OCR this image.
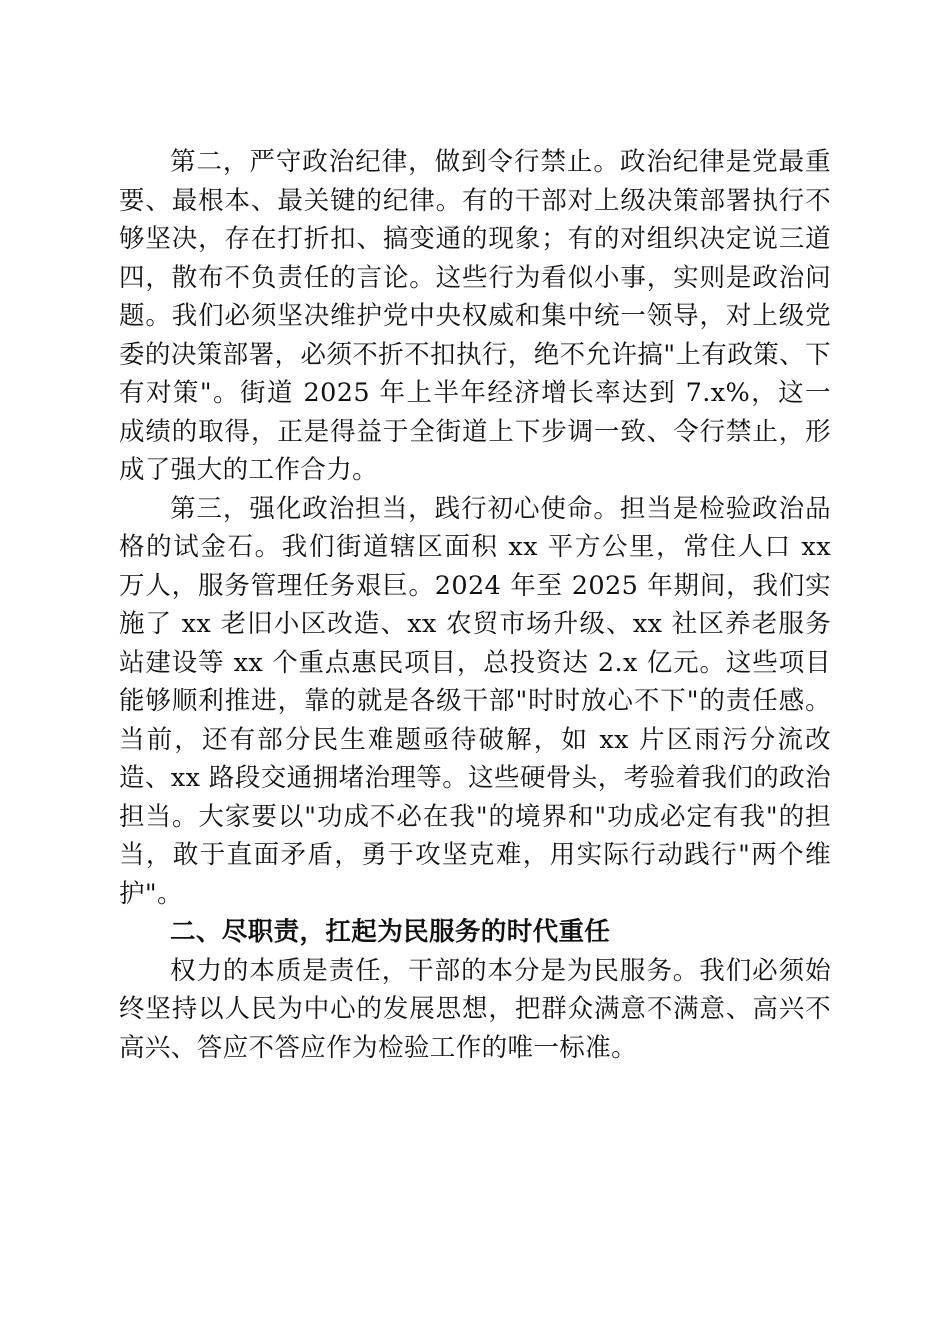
第二，严守政治纪律，做到令行禁止。政治纪律是党最重要、最根本、最关键的纪律。有的干部对上级决策部署执行不够坚决，存在打折扣、搞变通的现象；有的对组织决定说三道四，散布不负责任的言论。这些行为看似小事，实则是政治问题。我们必须坚决维护党中央权威和集中统一领导，对上级党委的决策部署，必须不折不扣执行，绝不允许搞"上有政策、下有对策"。街道 2025 年上半年经济增长率达到 7.x%，这一成绩的取得，正是得益于全街道上下步调一致、令行禁止，形成了强大的工作合力。

第三，强化政治担当，践行初心使命。担当是检验政治品格的试金石。我们街道辖区面积 xx 平方公里，常住人口 xx 万人，服务管理任务艰巨。2024 年至 2025 年期间，我们实施了 xx 老旧小区改造、xx 农贸市场升级、xx 社区养老服务站建设等 xx 个重点惠民项目，总投资达 2.x 亿元。这些项目能够顺利推进，靠的就是各级干部"时时放心不下"的责任感。当前，还有部分民生难题亟待破解，如 xx 片区雨污分流改造、xx 路段交通拥堵治理等。这些硬骨头，考验着我们的政治担当。大家要以"功成不必在我"的境界和"功成必定有我"的担当，敢于直面矛盾，勇于攻坚克难，用实际行动践行"两个维护"。

二、尽职责，扛起为民服务的时代重任

权力的本质是责任，干部的本分是为民服务。我们必须始终坚持以人民为中心的发展思想，把群众满意不满意、高兴不高兴、答应不答应作为检验工作的唯一标准。
